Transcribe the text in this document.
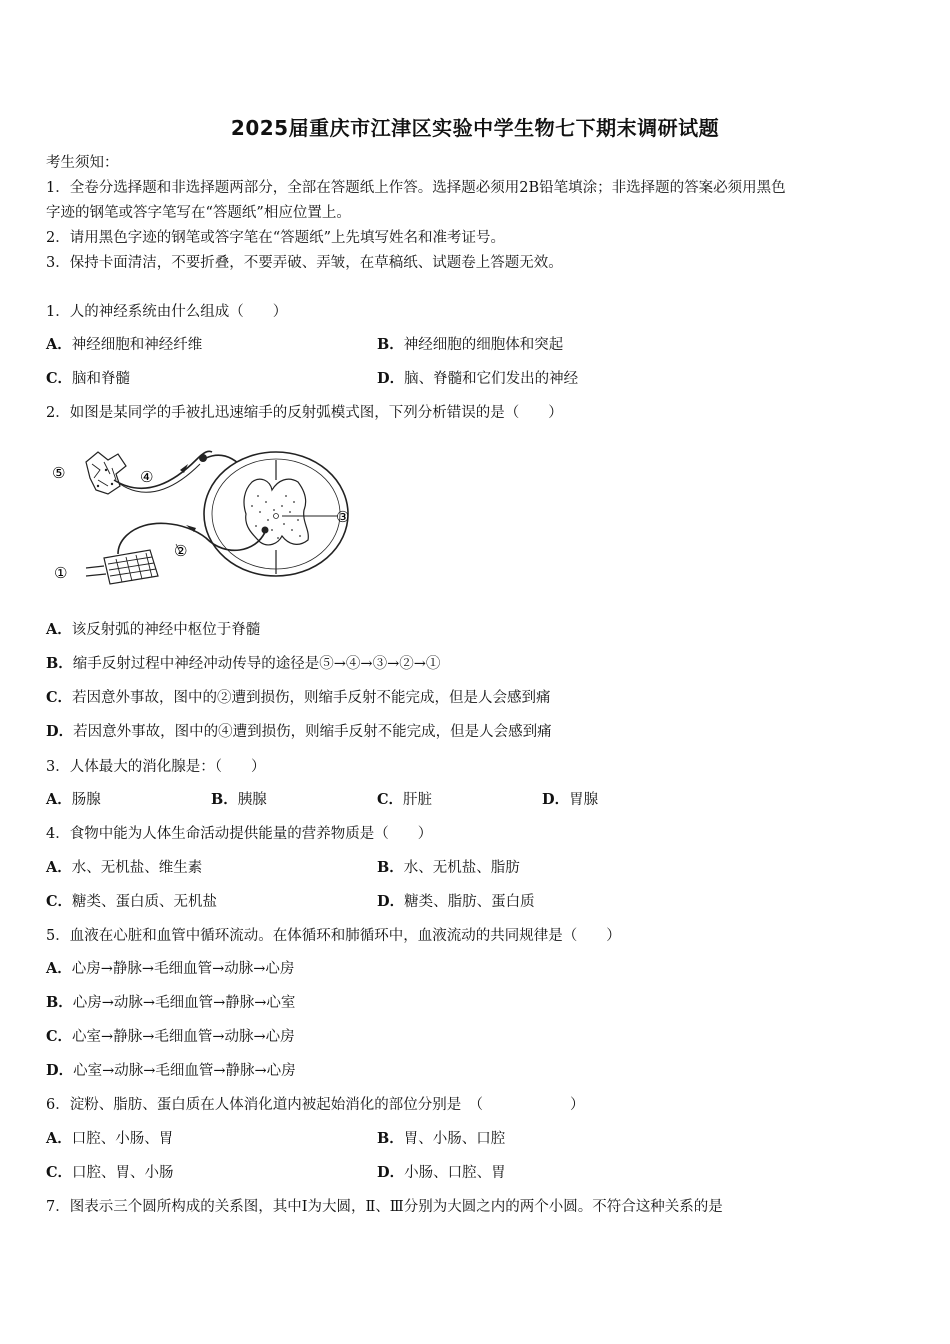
2025届重庆市江津区实验中学生物七下期末调研试题
考生须知：
1．全卷分选择题和非选择题两部分，全部在答题纸上作答。选择题必须用2B铅笔填涂；非选择题的答案必须用黑色
字迹的钢笔或答字笔写在“答题纸”相应位置上。
2．请用黑色字迹的钢笔或答字笔在“答题纸”上先填写姓名和准考证号。
3．保持卡面清洁，不要折叠，不要弄破、弄皱，在草稿纸、试题卷上答题无效。
1．人的神经系统由什么组成（　　）
A．神经细胞和神经纤维	B．神经细胞的细胞体和突起
C．脑和脊髓	D．脑、脊髓和它们发出的神经
2．如图是某同学的手被扎迅速缩手的反射弧模式图，下列分析错误的是（　　）
⑤	④
③
②
①
A．该反射弧的神经中枢位于脊髓
B．缩手反射过程中神经冲动传导的途径是⑤→④→③→②→①
C．若因意外事故，图中的②遭到损伤，则缩手反射不能完成，但是人会感到痛
D．若因意外事故，图中的④遭到损伤，则缩手反射不能完成，但是人会感到痛
3．人体最大的消化腺是：（　　）
A．肠腺	B．胰腺	C．肝脏	D．胃腺
4．食物中能为人体生命活动提供能量的营养物质是（　　）
A．水、无机盐、维生素	B．水、无机盐、脂肪
C．糖类、蛋白质、无机盐	D．糖类、脂肪、蛋白质
5．血液在心脏和血管中循环流动。在体循环和肺循环中，血液流动的共同规律是（　　）
A．心房→静脉→毛细血管→动脉→心房
B．心房→动脉→毛细血管→静脉→心室
C．心室→静脉→毛细血管→动脉→心房
D．心室→动脉→毛细血管→静脉→心房
6．淀粉、脂肪、蛋白质在人体消化道内被起始消化的部位分别是　（　　　　　　）
A．口腔、小肠、胃	B．胃、小肠、口腔
C．口腔、胃、小肠	D．小肠、口腔、胃
7．图表示三个圆所构成的关系图，其中Ⅰ为大圆，Ⅱ、Ⅲ分别为大圆之内的两个小圆。不符合这种关系的是
